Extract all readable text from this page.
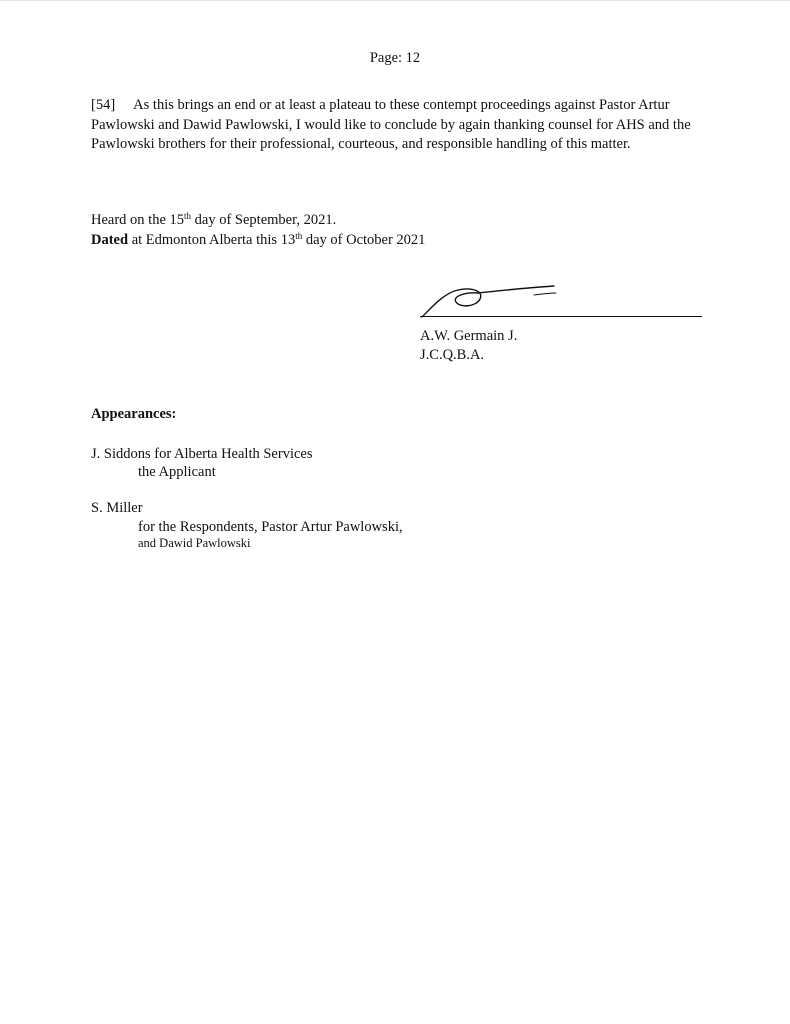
Page: 12

[54] As this brings an end or at least a plateau to these contempt proceedings against Pastor Artur Pawlowski and Dawid Pawlowski, I would like to conclude by again thanking counsel for AHS and the Pawlowski brothers for their professional, courteous, and responsible handling of this matter.

Heard on the 15th day of September, 2021.

Dated at Edmonton Alberta this 13th day of October 2021

A.W. Germain J.

J.C.Q.B.A.

Appearances:

J. Siddons for Alberta Health Services

the Applicant

S. Miller

for the Respondents, Pastor Artur Pawlowski,

and Dawid Pawlowski
